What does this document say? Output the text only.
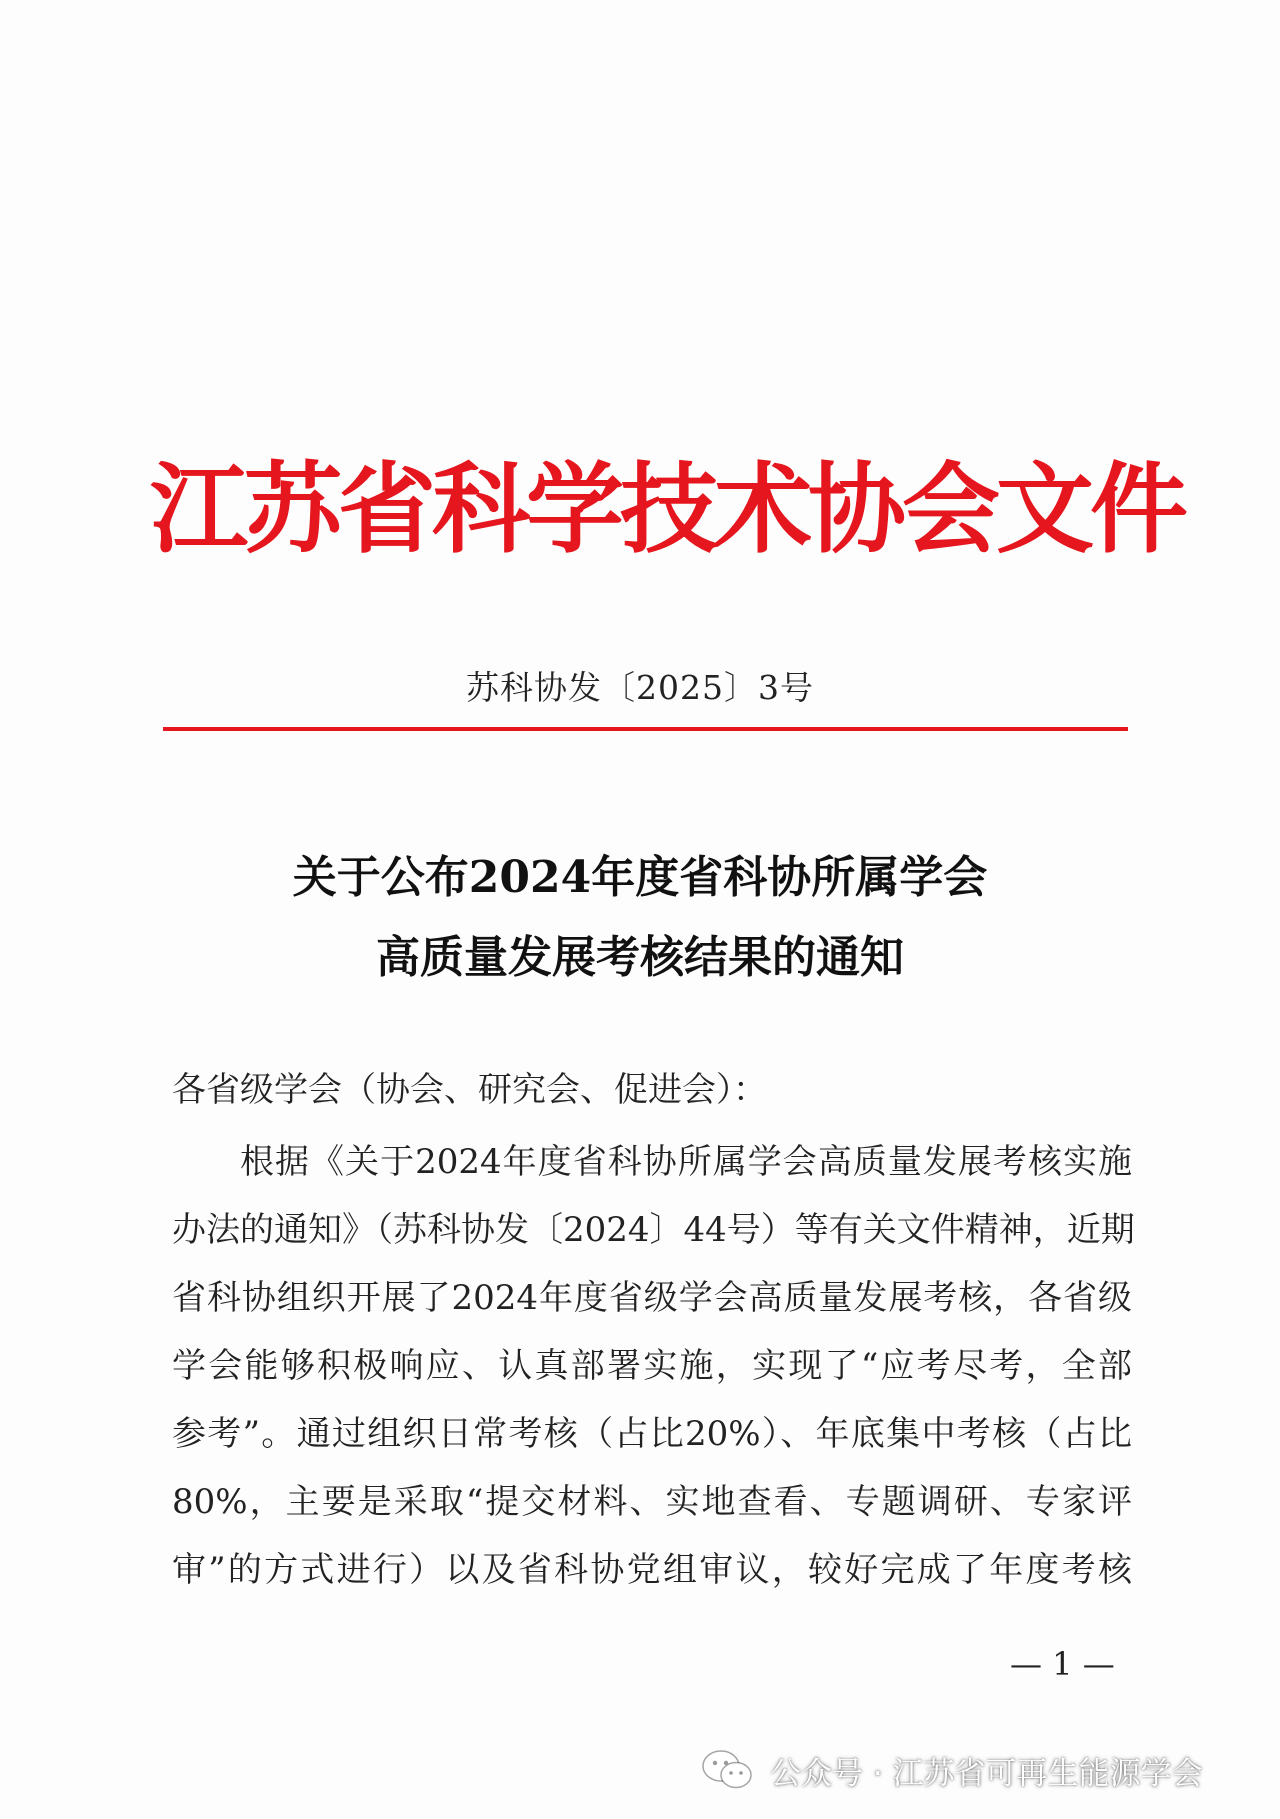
江苏省科学技术协会文件
苏科协发〔2025〕3号
关于公布2024年度省科协所属学会
高质量发展考核结果的通知
各省级学会（协会、研究会、促进会）：
根据《关于2024年度省科协所属学会高质量发展考核实施
办法的通知》（苏科协发〔2024〕44号）等有关文件精神，近期
省科协组织开展了2024年度省级学会高质量发展考核，各省级
学会能够积极响应、认真部署实施，实现了“应考尽考，全部
参考”。通过组织日常考核（占比20%）、年底集中考核（占比
80%，主要是采取“提交材料、实地查看、专题调研、专家评
审”的方式进行）以及省科协党组审议，较好完成了年度考核
— 1 —
公众号 · 江苏省可再生能源学会
